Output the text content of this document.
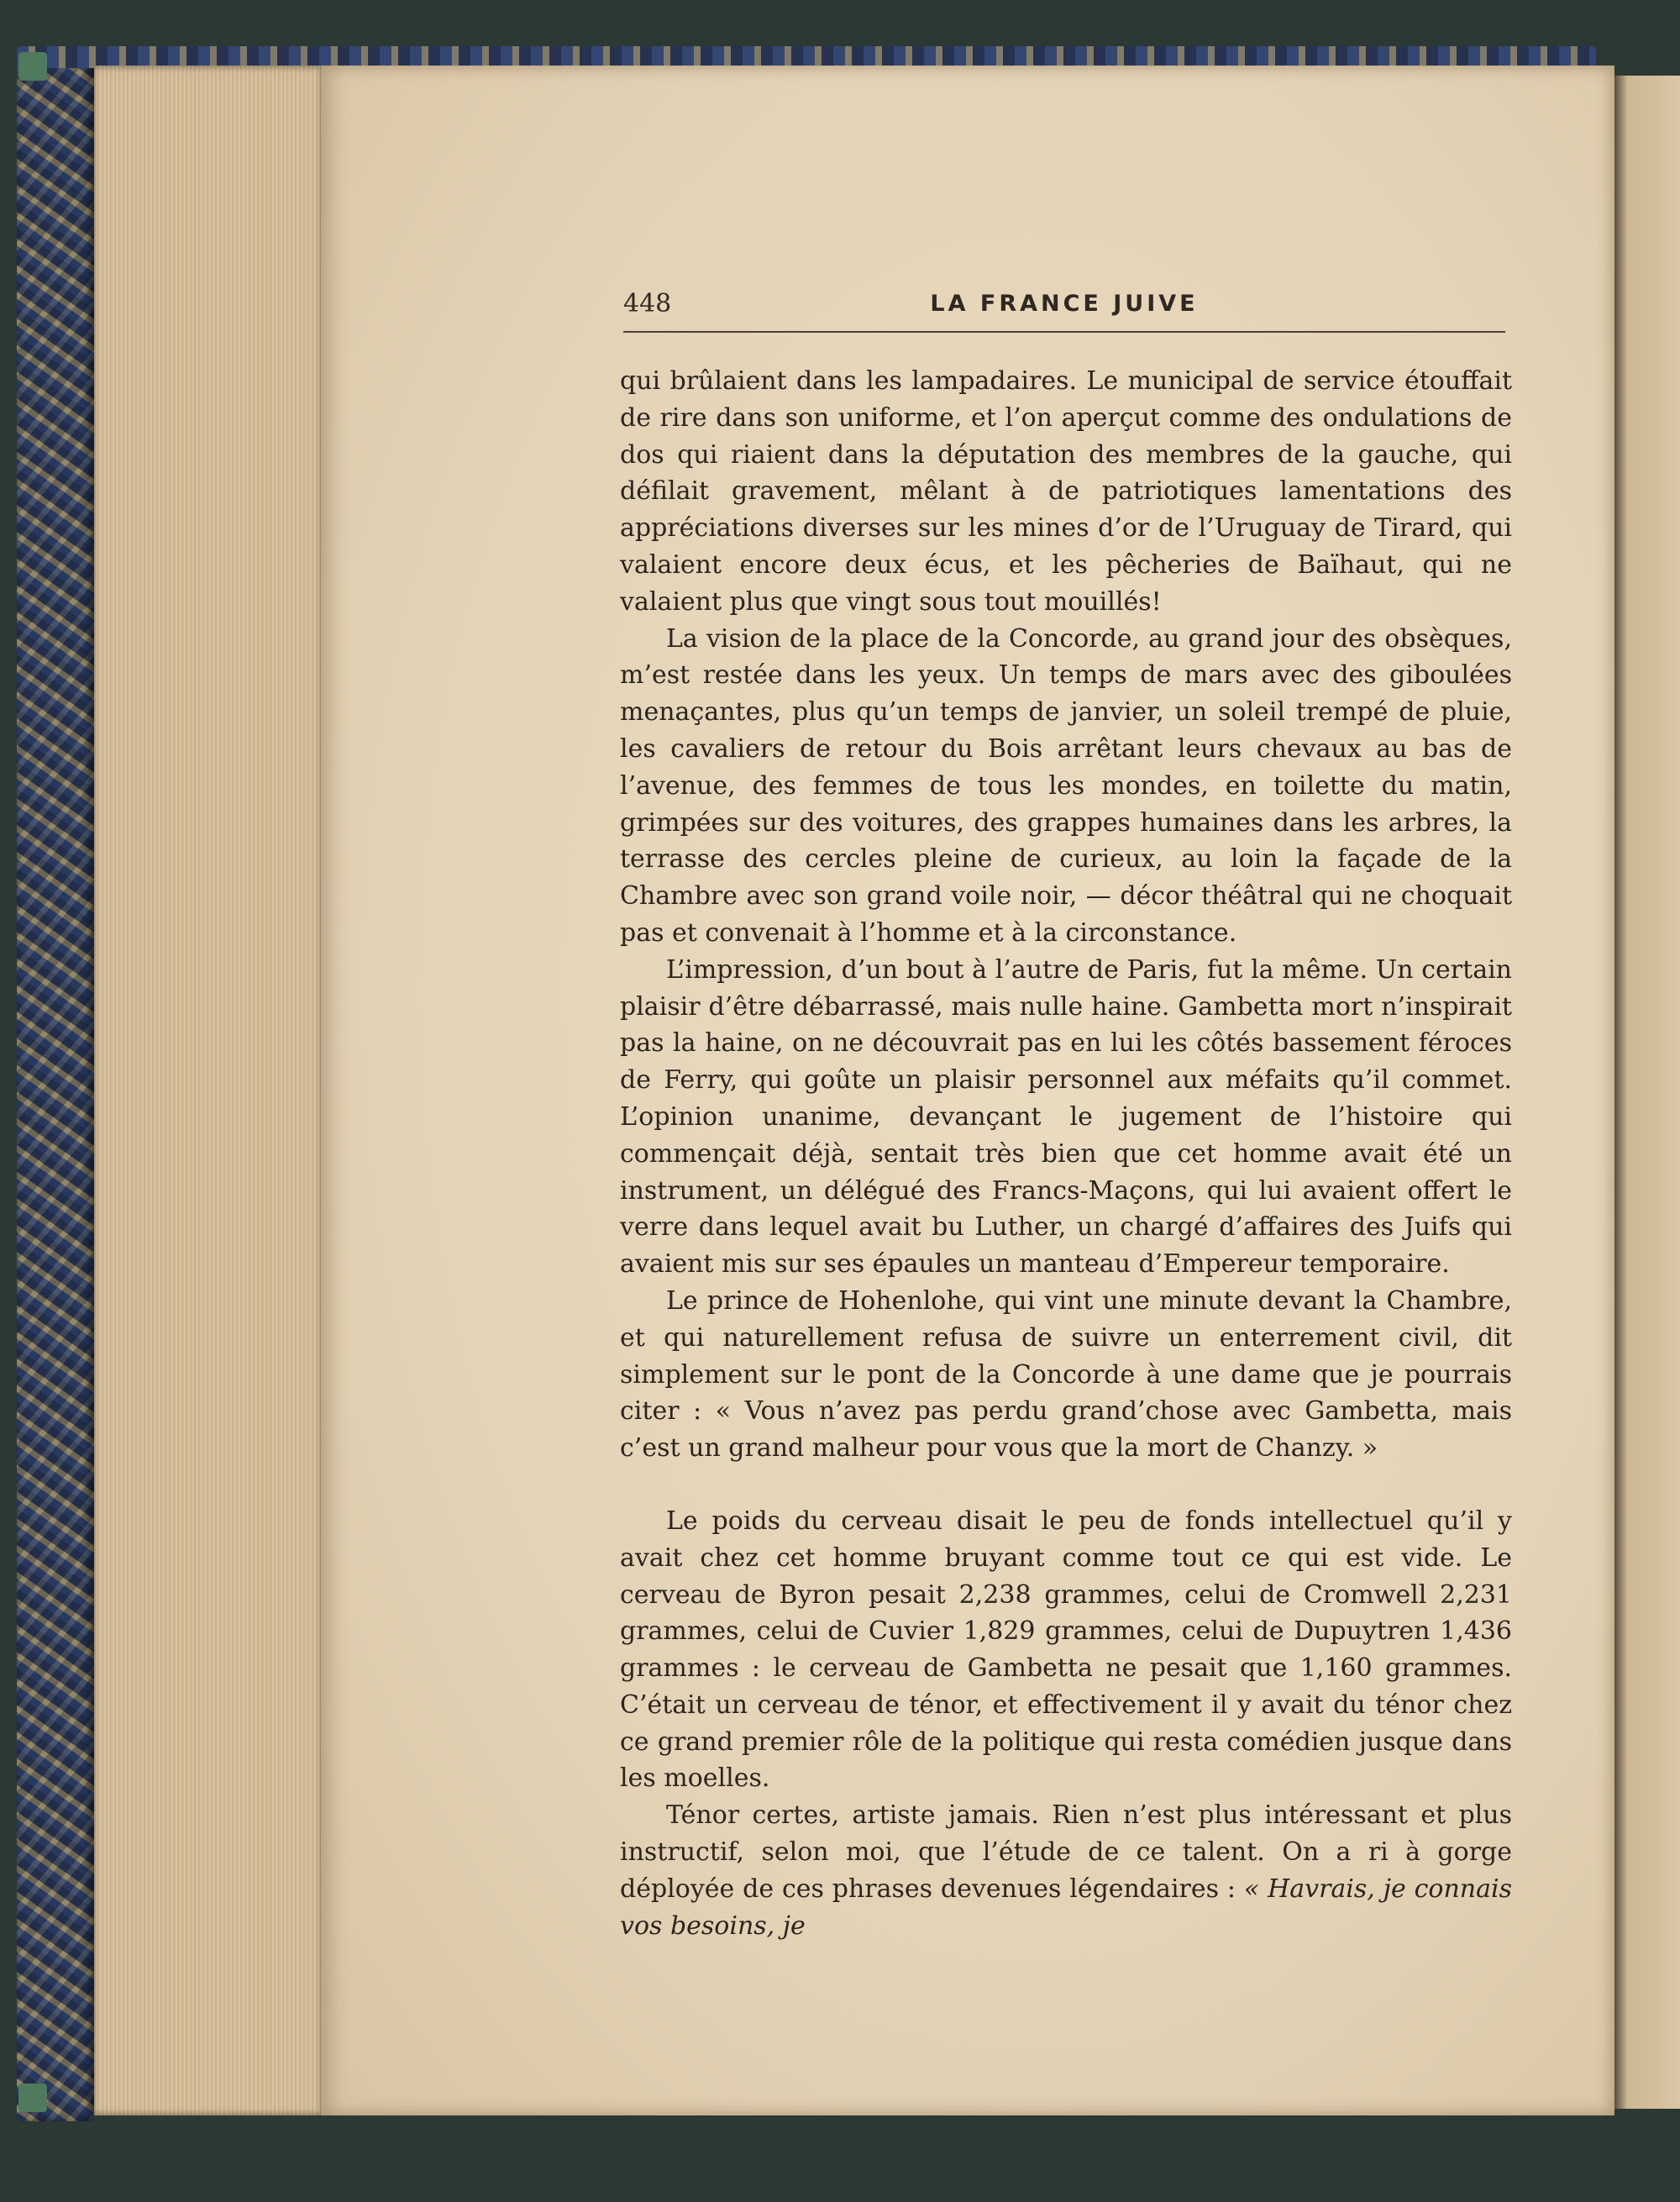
448	LA FRANCE JUIVE

qui brûlaient dans les lampadaires. Le municipal de service étouffait de rire dans son uniforme, et l’on aperçut comme des ondulations de dos qui riaient dans la députation des membres de la gauche, qui défilait gravement, mêlant à de patriotiques lamentations des appréciations diverses sur les mines d’or de l’Uruguay de Tirard, qui valaient encore deux écus, et les pêcheries de Baïhaut, qui ne valaient plus que vingt sous tout mouillés!

La vision de la place de la Concorde, au grand jour des obsèques, m’est restée dans les yeux. Un temps de mars avec des giboulées menaçantes, plus qu’un temps de janvier, un soleil trempé de pluie, les cavaliers de retour du Bois arrêtant leurs chevaux au bas de l’avenue, des femmes de tous les mondes, en toilette du matin, grimpées sur des voitures, des grappes humaines dans les arbres, la terrasse des cercles pleine de curieux, au loin la façade de la Chambre avec son grand voile noir, — décor théâtral qui ne choquait pas et convenait à l’homme et à la circonstance.

L’impression, d’un bout à l’autre de Paris, fut la même. Un certain plaisir d’être débarrassé, mais nulle haine. Gambetta mort n’inspirait pas la haine, on ne découvrait pas en lui les côtés bassement féroces de Ferry, qui goûte un plaisir personnel aux méfaits qu’il commet. L’opinion unanime, devançant le jugement de l’histoire qui commençait déjà, sentait très bien que cet homme avait été un instrument, un délégué des Francs-Maçons, qui lui avaient offert le verre dans lequel avait bu Luther, un chargé d’affaires des Juifs qui avaient mis sur ses épaules un manteau d’Empereur temporaire.

Le prince de Hohenlohe, qui vint une minute devant la Chambre, et qui naturellement refusa de suivre un enterrement civil, dit simplement sur le pont de la Concorde à une dame que je pourrais citer : « Vous n’avez pas perdu grand’chose avec Gambetta, mais c’est un grand malheur pour vous que la mort de Chanzy. »

Le poids du cerveau disait le peu de fonds intellectuel qu’il y avait chez cet homme bruyant comme tout ce qui est vide. Le cerveau de Byron pesait 2,238 grammes, celui de Cromwell 2,231 grammes, celui de Cuvier 1,829 grammes, celui de Dupuytren 1,436 grammes : le cerveau de Gambetta ne pesait que 1,160 grammes. C’était un cerveau de ténor, et effectivement il y avait du ténor chez ce grand premier rôle de la politique qui resta comédien jusque dans les moelles.

Ténor certes, artiste jamais. Rien n’est plus intéressant et plus instructif, selon moi, que l’étude de ce talent. On a ri à gorge déployée de ces phrases devenues légendaires : « Havrais, je connais vos besoins, je
